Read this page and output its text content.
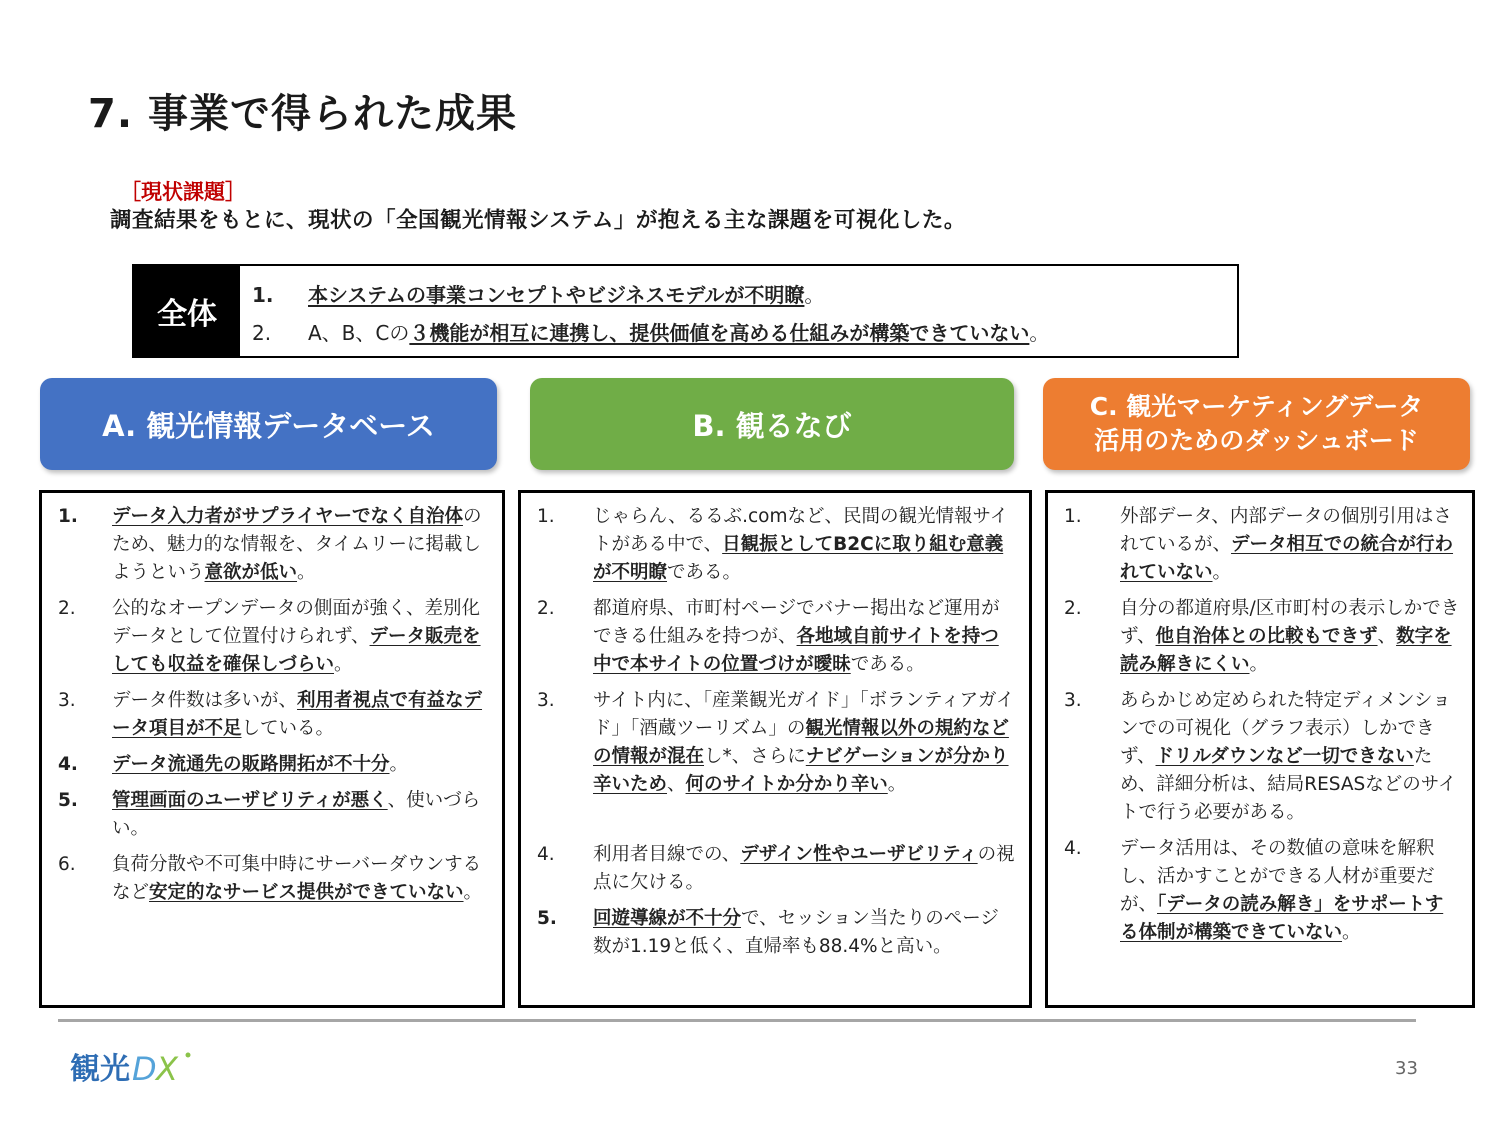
7. 事業で得られた成果
［現状課題］
調査結果をもとに、現状の「全国観光情報システム」が抱える主な課題を可視化した。
全体
1.	本システムの事業コンセプトやビジネスモデルが不明瞭。
2.	A、B、Cの３機能が相互に連携し、提供価値を高める仕組みが構築できていない。
A. 観光情報データベース	B. 観るなび
C. 観光マーケティングデータ
活用のためのダッシュボード
1.	データ入力者がサプライヤーでなく自治体のため、魅力的な情報を、タイムリーに掲載しようという意欲が低い。
2.	公的なオープンデータの側面が強く、差別化データとして位置付けられず、データ販売をしても収益を確保しづらい。
3.	データ件数は多いが、利用者視点で有益なデータ項目が不足している。
4.	データ流通先の販路開拓が不十分。
5.	管理画面のユーザビリティが悪く、使いづらい。
6.	負荷分散や不可集中時にサーバーダウンするなど安定的なサービス提供ができていない。
1.	じゃらん、るるぶ.comなど、民間の観光情報サイトがある中で、日観振としてB2Cに取り組む意義が不明瞭である。
2.	都道府県、市町村ページでバナー掲出など運用ができる仕組みを持つが、各地域自前サイトを持つ中で本サイトの位置づけが曖昧である。
3.	サイト内に、「産業観光ガイド」「ボランティアガイド」「酒蔵ツーリズム」の観光情報以外の規約などの情報が混在し*、さらにナビゲーションが分かり辛いため、何のサイトか分かり辛い。
4.	利用者目線での、デザイン性やユーザビリティの視点に欠ける。
5.	回遊導線が不十分で、セッション当たりのページ数が1.19と低く、直帰率も88.4%と高い。
1.	外部データ、内部データの個別引用はされているが、データ相互での統合が行われていない。
2.	自分の都道府県/区市町村の表示しかできず、他自治体との比較もできず、数字を読み解きにくい。
3.	あらかじめ定められた特定ディメンションでの可視化（グラフ表示）しかできず、ドリルダウンなど一切できないため、詳細分析は、結局RESASなどのサイトで行う必要がある。
4.	データ活用は、その数値の意味を解釈し、活かすことができる人材が重要だが、「データの読み解き」をサポートする体制が構築できていない。
観光 D X	33
